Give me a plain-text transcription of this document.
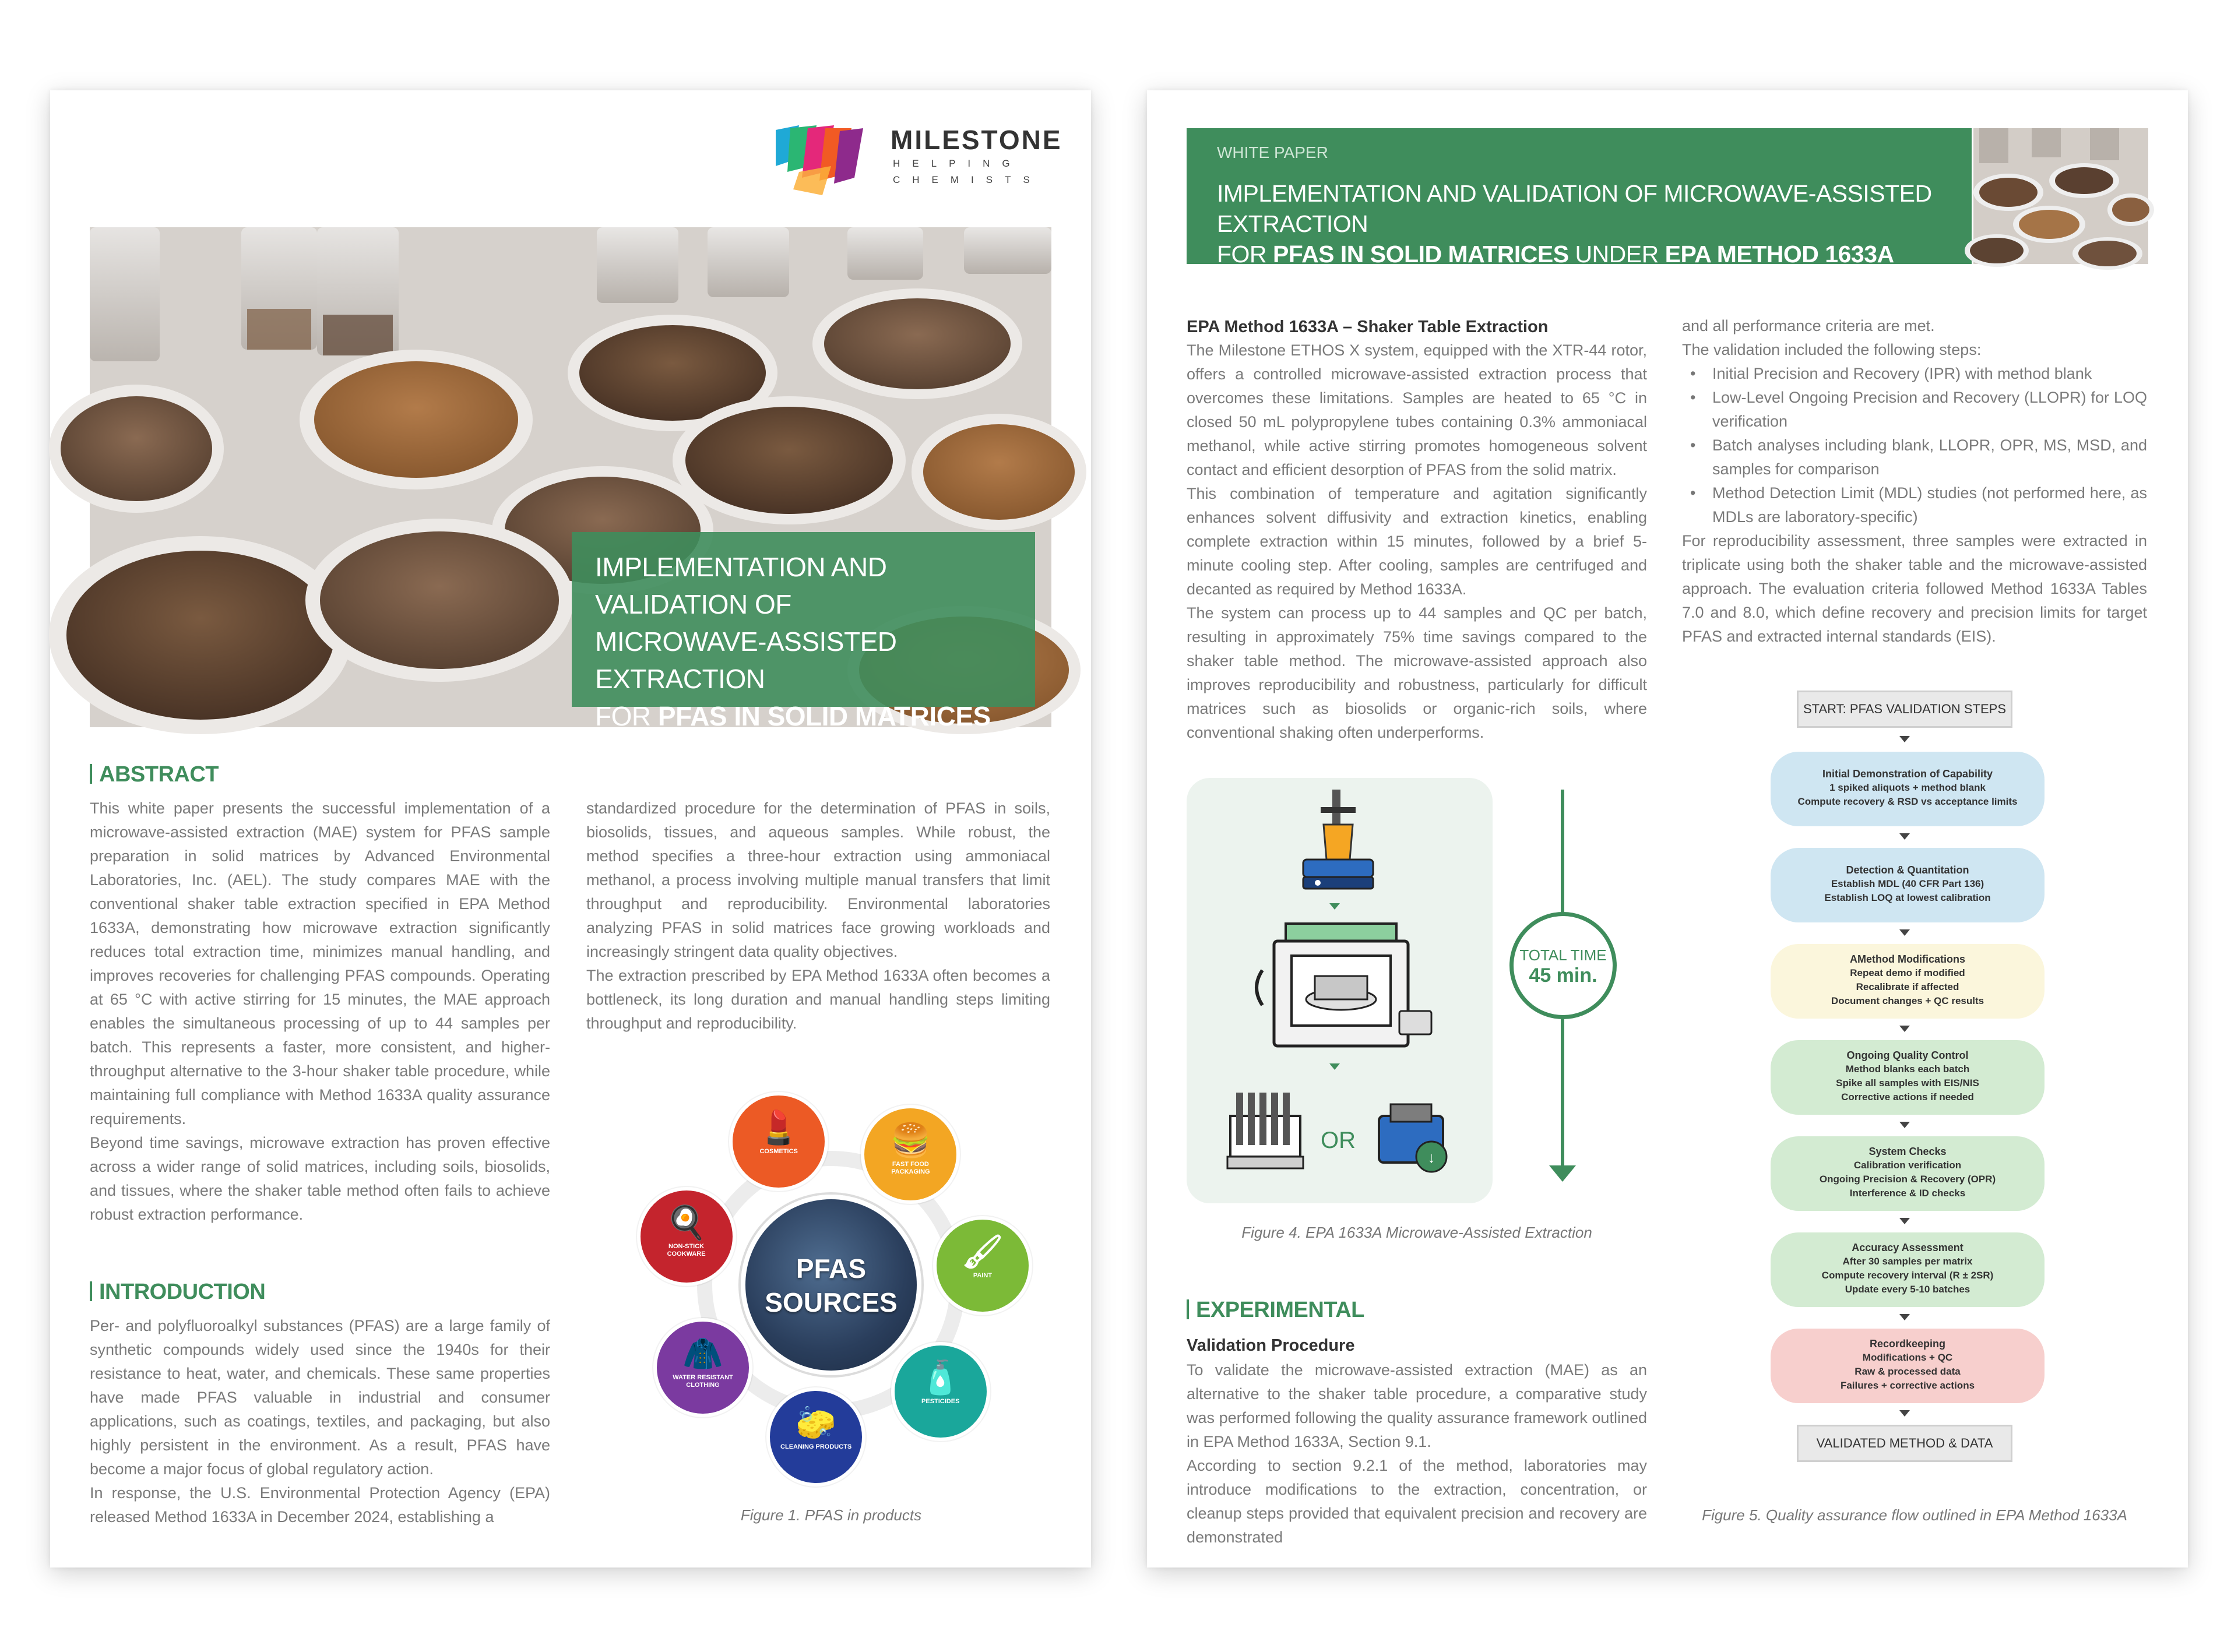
MILESTONE
HELPING CHEMISTS
IMPLEMENTATION AND VALIDATION OF
MICROWAVE-ASSISTED EXTRACTION
FOR PFAS IN SOLID MATRICES
UNDER EPA METHOD 1633A
ABSTRACT

This white paper presents the successful implementation of a microwave-assisted extraction (MAE) system for PFAS sample preparation in solid matrices by Advanced Environmental Laboratories, Inc. (AEL). The study compares MAE with the conventional shaker table extraction specified in EPA Method 1633A, demonstrating how microwave extraction significantly reduces total extraction time, minimizes manual handling, and improves recoveries for challenging PFAS compounds. Operating at 65 °C with active stirring for 15 minutes, the MAE approach enables the simultaneous processing of up to 44 samples per batch. This represents a faster, more consistent, and higher-throughput alternative to the 3-hour shaker table procedure, while maintaining full compliance with Method 1633A quality assurance requirements.

Beyond time savings, microwave extraction has proven effective across a wider range of solid matrices, including soils, biosolids, and tissues, where the shaker table method often fails to achieve robust extraction performance.

INTRODUCTION

Per- and polyfluoroalkyl substances (PFAS) are a large family of synthetic compounds widely used since the 1940s for their resistance to heat, water, and chemicals. These same properties have made PFAS valuable in industrial and consumer applications, such as coatings, textiles, and packaging, but also highly persistent in the environment. As a result, PFAS have become a major focus of global regulatory action.

In response, the U.S. Environmental Protection Agency (EPA) released Method 1633A in December 2024, establishing a

standardized procedure for the determination of PFAS in soils, biosolids, tissues, and aqueous samples. While robust, the method specifies a three-hour extraction using ammoniacal methanol, a process involving multiple manual transfers that limit throughput and reproducibility. Environmental laboratories analyzing PFAS in solid matrices face growing workloads and increasingly stringent data quality objectives.

The extraction prescribed by EPA Method 1633A often becomes a bottleneck, its long duration and manual handling steps limiting throughput and reproducibility.

PFAS
SOURCES
💄
COSMETICS	🍔
FAST FOOD PACKAGING
🖌
PAINT
🧴
PESTICIDES
🧽
CLEANING PRODUCTS
🧥
WATER RESISTANT CLOTHING
🍳
NON-STICK COOKWARE
Figure 1. PFAS in products
WHITE PAPER
IMPLEMENTATION AND VALIDATION OF MICROWAVE-ASSISTED EXTRACTION
FOR PFAS IN SOLID MATRICES UNDER EPA METHOD 1633A
EPA Method 1633A – Shaker Table Extraction

The Milestone ETHOS X system, equipped with the XTR-44 rotor, offers a controlled microwave-assisted extraction process that overcomes these limitations. Samples are heated to 65 °C in closed 50 mL polypropylene tubes containing 0.3% ammoniacal methanol, while active stirring promotes homogeneous solvent contact and efficient desorption of PFAS from the solid matrix.

This combination of temperature and agitation significantly enhances solvent diffusivity and extraction kinetics, enabling complete extraction within 15 minutes, followed by a brief 5-minute cooling step. After cooling, samples are centrifuged and decanted as required by Method 1633A.

The system can process up to 44 samples and QC per batch, resulting in approximately 75% time savings compared to the shaker table method. The microwave-assisted approach also improves reproducibility and robustness, particularly for difficult matrices such as biosolids or organic-rich soils, where conventional shaking often underperforms.

OR
↓
TOTAL TIME
45 min.
Figure 4. EPA 1633A Microwave-Assisted Extraction
EXPERIMENTAL
Validation Procedure

To validate the microwave-assisted extraction (MAE) as an alternative to the shaker table procedure, a comparative study was performed following the quality assurance framework outlined in EPA Method 1633A, Section 9.1.

According to section 9.2.1 of the method, laboratories may introduce modifications to the extraction, concentration, or cleanup steps provided that equivalent precision and recovery are demonstrated

and all performance criteria are met.

The validation included the following steps:

• Initial Precision and Recovery (IPR) with method blank
• Low-Level Ongoing Precision and Recovery (LLOPR) for LOQ verification
• Batch analyses including blank, LLOPR, OPR, MS, MSD, and samples for comparison
• Method Detection Limit (MDL) studies (not performed here, as MDLs are laboratory-specific)

For reproducibility assessment, three samples were extracted in triplicate using both the shaker table and the microwave-assisted approach. The evaluation criteria followed Method 1633A Tables 7.0 and 8.0, which define recovery and precision limits for target PFAS and extracted internal standards (EIS).

START: PFAS VALIDATION STEPS
Initial Demonstration of Capability
1 spiked aliquots + method blank
Compute recovery & RSD vs acceptance limits
Detection & Quantitation
Establish MDL (40 CFR Part 136)
Establish LOQ at lowest calibration
AMethod Modifications
Repeat demo if modified
Recalibrate if affected
Document changes + QC results
Ongoing Quality Control
Method blanks each batch
Spike all samples with EIS/NIS
Corrective actions if needed
System Checks
Calibration verification
Ongoing Precision & Recovery (OPR)
Interference & ID checks
Accuracy Assessment
After 30 samples per matrix
Compute recovery interval (R ± 2SR)
Update every 5-10 batches
Recordkeeping
Modifications + QC
Raw & processed data
Failures + corrective actions
VALIDATED METHOD & DATA
Figure 5. Quality assurance flow outlined in EPA Method 1633A
